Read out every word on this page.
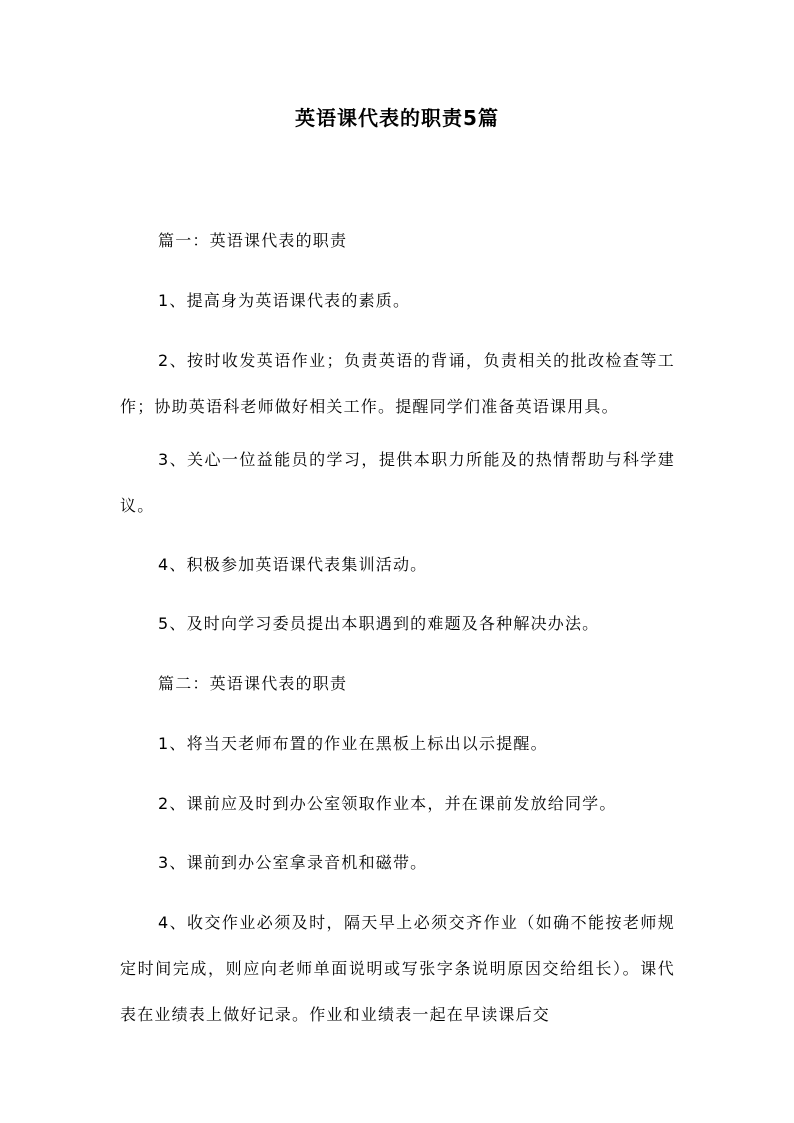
英语课代表的职责5篇

篇一：英语课代表的职责

1、提高身为英语课代表的素质。

2、按时收发英语作业；负责英语的背诵，负责相关的批改检查等工作；协助英语科老师做好相关工作。提醒同学们准备英语课用具。

3、关心一位益能员的学习，提供本职力所能及的热情帮助与科学建议。

4、积极参加英语课代表集训活动。

5、及时向学习委员提出本职遇到的难题及各种解决办法。

篇二：英语课代表的职责

1、将当天老师布置的作业在黑板上标出以示提醒。

2、课前应及时到办公室领取作业本，并在课前发放给同学。

3、课前到办公室拿录音机和磁带。

4、收交作业必须及时，隔天早上必须交齐作业（如确不能按老师规定时间完成，则应向老师单面说明或写张字条说明原因交给组长）。课代表在业绩表上做好记录。作业和业绩表一起在早读课后交
